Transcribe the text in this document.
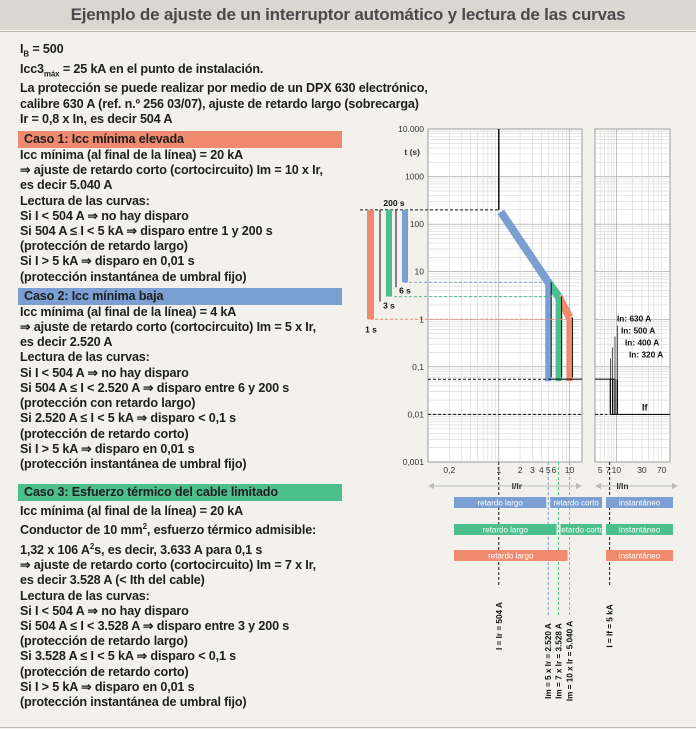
Ejemplo de ajuste de un interruptor automático y lectura de las curvas
$I_B = 500$
$Icc3_{máx} = 25$ kA en el punto de instalación.
La protección se puede realizar por medio de un DPX 630 electrónico,
calibre 630 A (ref. n.º 256 03/07), ajuste de retardo largo (sobrecarga)
Ir = 0,8 x In, es decir 504 A
Caso 1: Icc mínima elevada
Icc mínima (al final de la línea) = 20 kA
⇒ ajuste de retardo corto (cortocircuito) Im = 10 x Ir,
es decir 5.040 A
Lectura de las curvas:
Si I < 504 A ⇒ no hay disparo
Si 504 A ≤ I < 5 kA ⇒ disparo entre 1 y 200 s
(protección de retardo largo)
Si I > 5 kA ⇒ disparo en 0,01 s
(protección instantánea de umbral fijo)
Caso 2: Icc mínima baja
Icc mínima (al final de la línea) = 4 kA
⇒ ajuste de retardo corto (cortocircuito) Im = 5 x Ir,
es decir 2.520 A
Lectura de las curvas:
Si I < 504 A ⇒ no hay disparo
Si 504 A ≤ I < 2.520 A ⇒ disparo entre 6 y 200 s
(protección con retardo largo)
Si 2.520 A ≤ I < 5 kA ⇒ disparo < 0,1 s
(protección de retardo corto)
Si I > 5 kA ⇒ disparo en 0,01 s
(protección instantánea de umbral fijo)
Caso 3: Esfuerzo térmico del cable limitado
Icc mínima (al final de la línea) = 20 kA
Conductor de 10 $mm^2$, esfuerzo térmico admisible:
1,32 x 106 $A^2s$, es decir, 3.633 A para 0,1 s
⇒ ajuste de retardo corto (cortocircuito) Im = 7 x Ir,
es decir 3.528 A (< Ith del cable)
Lectura de las curvas:
Si I < 504 A ⇒ no hay disparo
Si 504 A ≤ I < 3.528 A ⇒ disparo entre 3 y 200 s
(protección de retardo largo)
Si 3.528 A ≤ I < 5 kA ⇒ disparo < 0,1 s
(protección de retardo corto)
Si I > 5 kA ⇒ disparo en 0,01 s
(protección instantánea de umbral fijo)
10.000
1000
100
10
1
0,1
0,01
0,001
t (s)
0,2	1 2 3 4 5 6 10	5 7 10 30 70
I/Ir	I/In
200 s
6 s
3 s
1 s
In: 630 A
In: 500 A
In: 400 A
In: 320 A
If
retardo largo	retardo corto	instantáneo
retardo largo	retardo corto instantáneo
retardo largo	instantáneo
I = Ir = 504 A	Im = 5 x Ir = 2.520 A Im = 7 x Ir = 3.528 A Im = 10 x Ir = 5.040 A	I = If = 5 kA
